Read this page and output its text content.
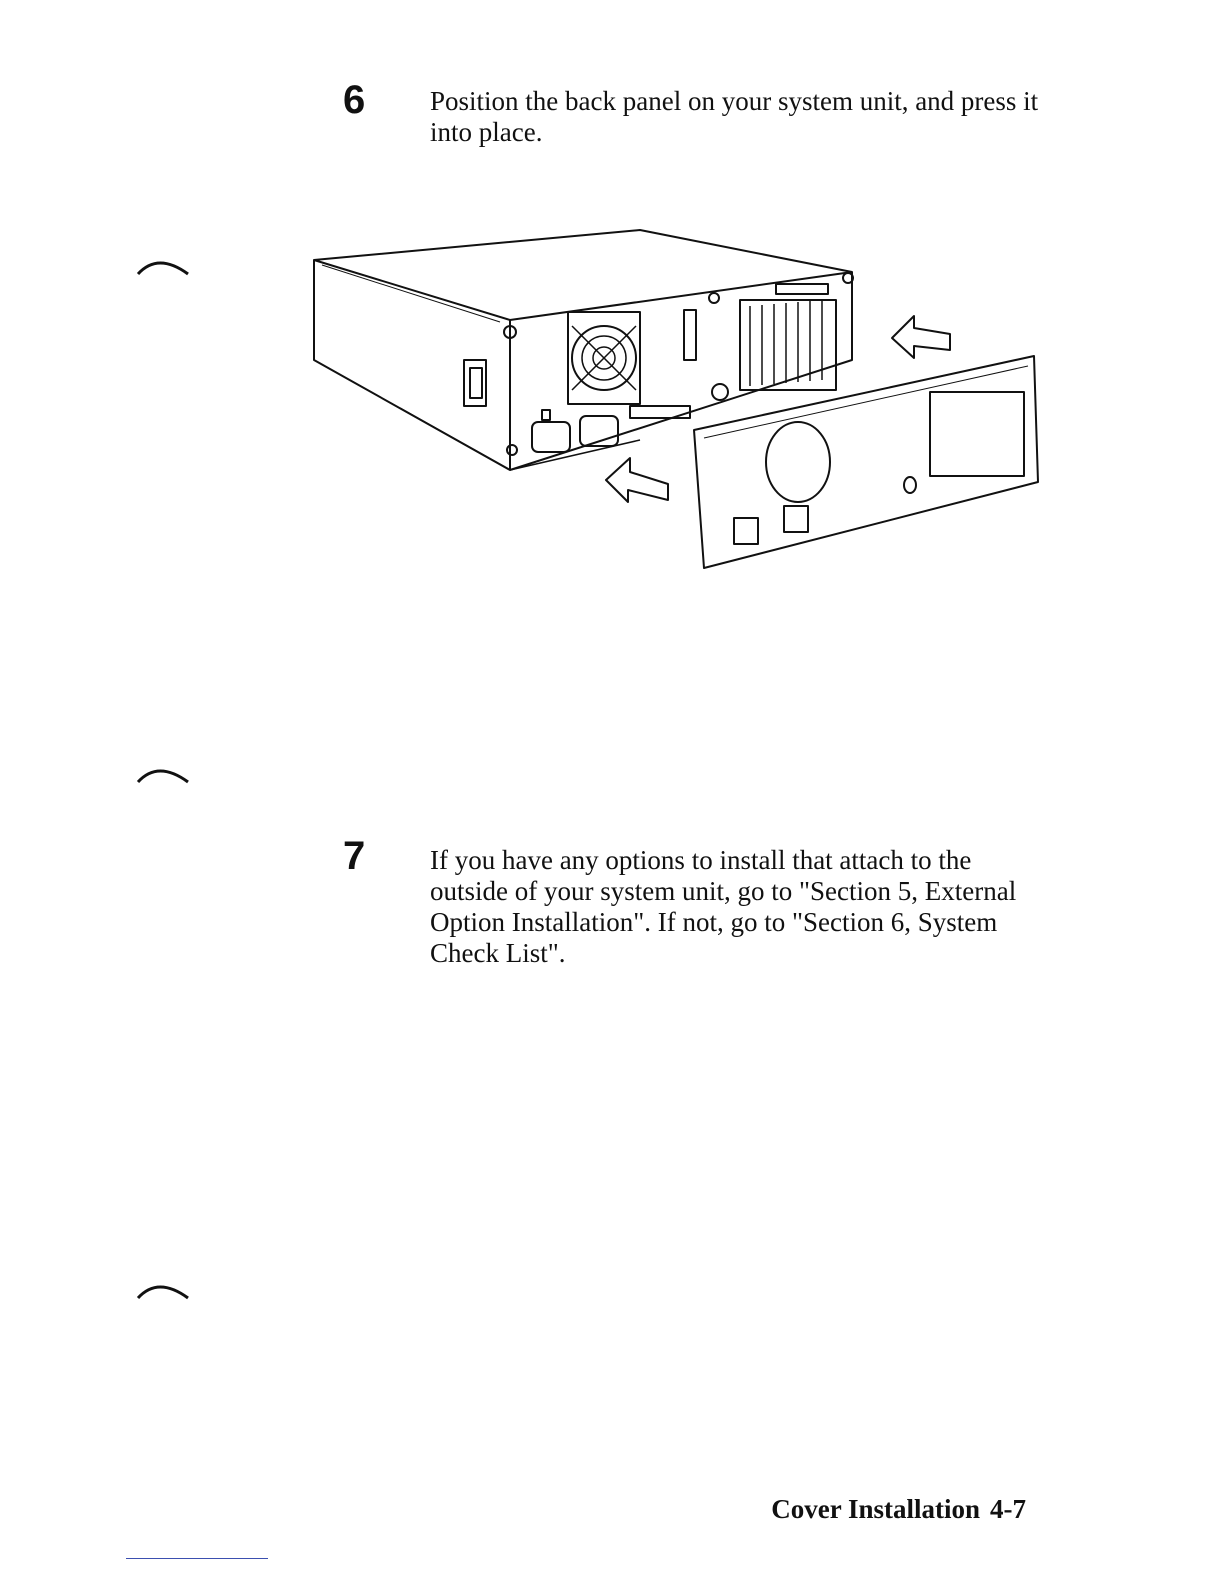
6 Position the back panel on your system unit, and press it into place.
7 If you have any options to install that attach to the outside of your system unit, go to "Section 5, External Option Installation". If not, go to "Section 6, System Check List".
Cover Installation 4-7
